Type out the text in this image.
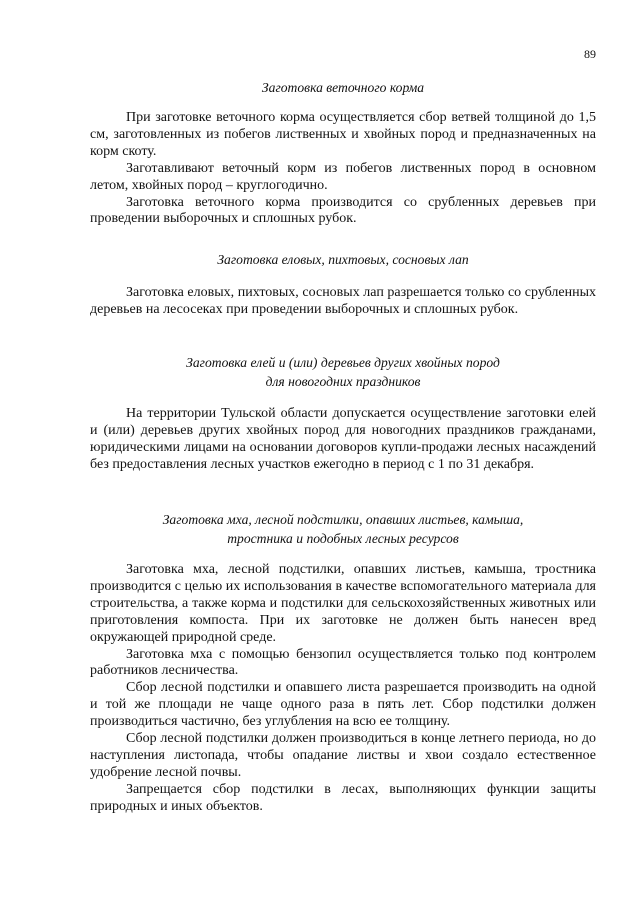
89
Заготовка веточного корма

При заготовке веточного корма осуществляется сбор ветвей толщиной до 1,5 см, заготовленных из побегов лиственных и хвойных пород и предназначенных на корм скоту.

Заготавливают веточный корм из побегов лиственных пород в основном летом, хвойных пород – круглогодично.

Заготовка веточного корма производится со срубленных деревьев при проведении выборочных и сплошных рубок.

Заготовка еловых, пихтовых, сосновых лап

Заготовка еловых, пихтовых, сосновых лап разрешается только со срубленных деревьев на лесосеках при проведении выборочных и сплошных рубок.

Заготовка елей и (или) деревьев других хвойных пород
для новогодних праздников

На территории Тульской области допускается осуществление заготовки елей и (или) деревьев других хвойных пород для новогодних праздников гражданами, юридическими лицами на основании договоров купли-продажи лесных насаждений без предоставления лесных участков ежегодно в период с 1 по 31 декабря.

Заготовка мха, лесной подстилки, опавших листьев, камыша,
тростника и подобных лесных ресурсов

Заготовка мха, лесной подстилки, опавших листьев, камыша, тростника производится с целью их использования в качестве вспомогательного материала для строительства, а также корма и подстилки для сельскохозяйственных животных или приготовления компоста. При их заготовке не должен быть нанесен вред окружающей природной среде.

Заготовка мха с помощью бензопил осуществляется только под контролем работников лесничества.

Сбор лесной подстилки и опавшего листа разрешается производить на одной и той же площади не чаще одного раза в пять лет. Сбор подстилки должен производиться частично, без углубления на всю ее толщину.

Сбор лесной подстилки должен производиться в конце летнего периода, но до наступления листопада, чтобы опадание листвы и хвои создало естественное удобрение лесной почвы.

Запрещается сбор подстилки в лесах, выполняющих функции защиты природных и иных объектов.
